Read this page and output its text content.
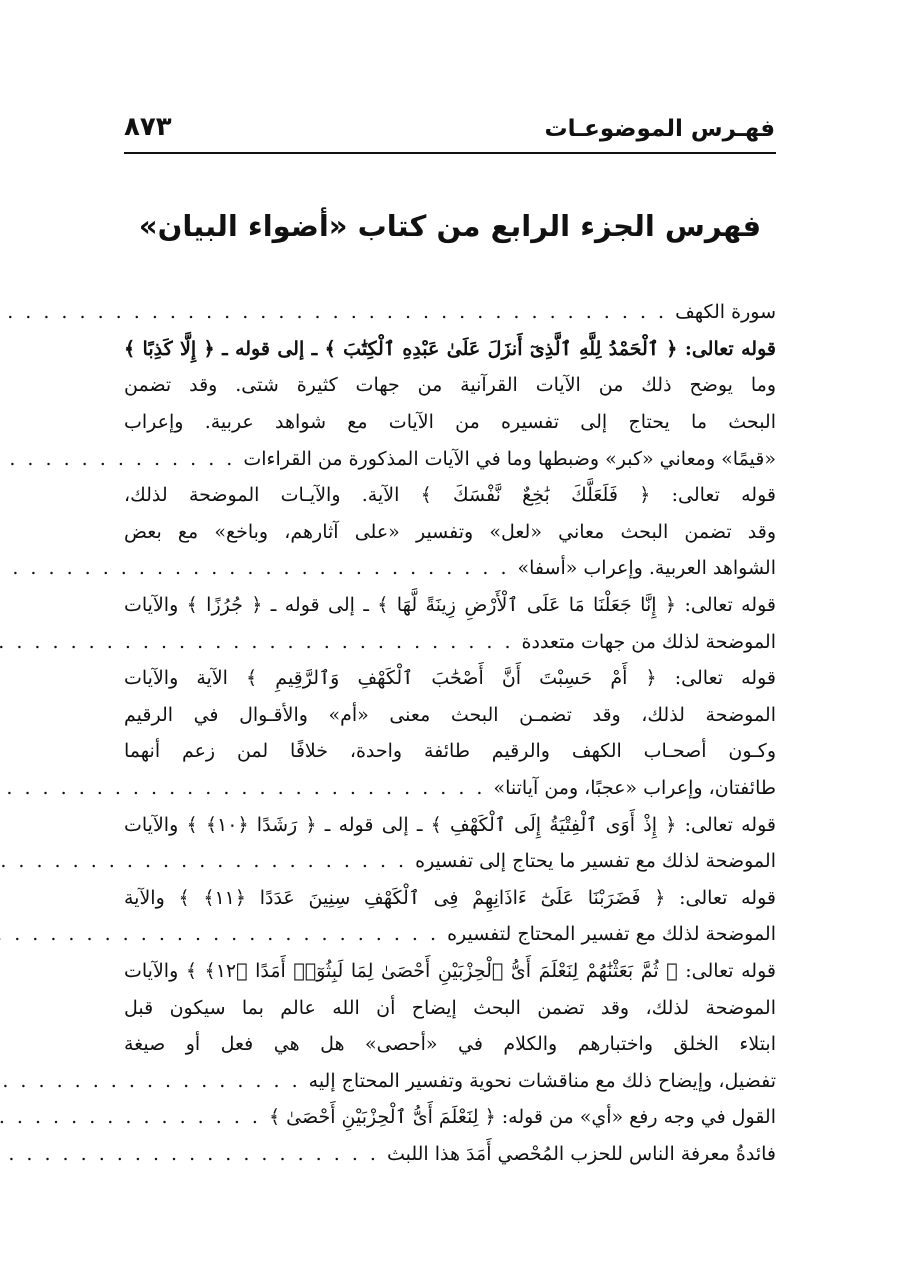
فهـرس الموضوعـات
٨٧٣
فهرس الجزء الرابع من كتاب «أضواء البيان»
سورة الكهف
. . .
قوله تعالى: ﴿ ٱلْحَمْدُ لِلَّهِ ٱلَّذِىٓ أَنزَلَ عَلَىٰ عَبْدِهِ ٱلْكِتَٰبَ ﴾ ـ إلى قوله ـ ﴿ إِلَّا كَذِبًا ﴾
وما يوضح ذلك من الآيات القرآنية من جهات كثيرة شتى. وقد تضمن
البحث ما يحتاج إلى تفسيره من الآيات مع شواهد عربية. وإعراب
«قيمًا» ومعاني «كبر» وضبطها وما في الآيات المذكورة من القراءات
. . .
قوله تعالى: ﴿ فَلَعَلَّكَ بَٰخِعٌ نَّفْسَكَ ﴾ الآية. والآيـات الموضحة لذلك،
وقد تضمن البحث معاني «لعل» وتفسير «على آثارهم، وباخع» مع بعض
الشواهد العربية. وإعراب «أسفا»
. . .
قوله تعالى: ﴿ إِنَّا جَعَلْنَا مَا عَلَى ٱلْأَرْضِ زِينَةً لَّهَا ﴾ ـ إلى قوله ـ ﴿ جُرُزًا ﴾ والآيات
الموضحة لذلك من جهات متعددة
. . .
قوله تعالى: ﴿ أَمْ حَسِبْتَ أَنَّ أَصْحَٰبَ ٱلْكَهْفِ وَٱلرَّقِيمِ ﴾ الآية والآيات
الموضحة لذلك، وقد تضمـن البحث معنى «أم» والأقـوال في الرقيم
وكـون أصحـاب الكهف والرقيم طائفة واحدة، خلافًا لمن زعم أنهما
طائفتان، وإعراب «عجبًا، ومن آياتنا»
. . .
قوله تعالى: ﴿ إِذْ أَوَى ٱلْفِتْيَةُ إِلَى ٱلْكَهْفِ ﴾ ـ إلى قوله ـ ﴿ رَشَدًا ﴿١٠﴾ ﴾ والآيات
الموضحة لذلك مع تفسير ما يحتاج إلى تفسيره
. . .
قوله تعالى: ﴿ فَضَرَبْنَا عَلَىٰٓ ءَاذَانِهِمْ فِى ٱلْكَهْفِ سِنِينَ عَدَدًا ﴿١١﴾ ﴾ والآية
الموضحة لذلك مع تفسير المحتاج لتفسيره
. . .
قوله تعالى: ﴿ ثُمَّ بَعَثْنَٰهُمْ لِنَعْلَمَ أَىُّ ٱلْحِزْبَيْنِ أَحْصَىٰ لِمَا لَبِثُوٓا۟ أَمَدًا ﴿١٢﴾ ﴾ والآيات
الموضحة لذلك، وقد تضمن البحث إيضاح أن الله عالم بما سيكون قبل
ابتلاء الخلق واختبارهم والكلام في «أحصى» هل هي فعل أو صيغة
تفضيل، وإيضاح ذلك مع مناقشات نحوية وتفسير المحتاج إليه
. . .
القول في وجه رفع «أي» من قوله: ﴿ لِنَعْلَمَ أَىُّ ٱلْحِزْبَيْنِ أَحْصَىٰ ﴾
. . .
فائدةُ معرفة الناس للحزب المُحْصي أَمَدَ هذا اللبث
. . .
